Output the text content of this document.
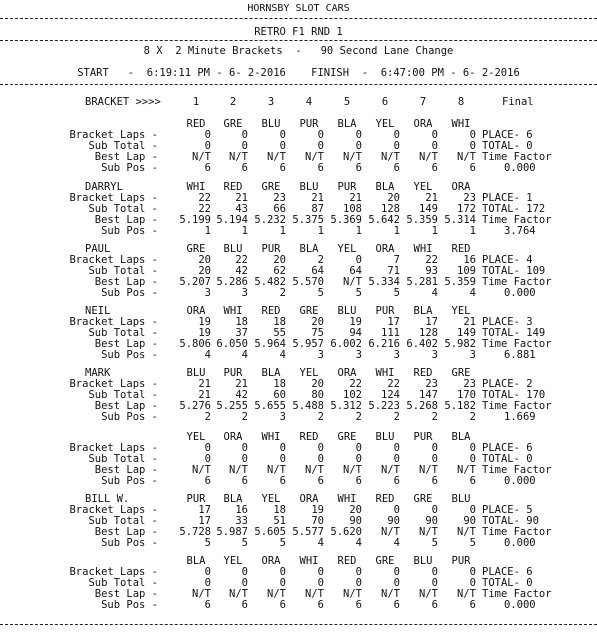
HORNSBY SLOT CARS
RETRO F1 RND 1
8 X  2 Minute Brackets  -   90 Second Lane Change
START   -  6:19:11 PM - 6- 2-2016 FINISH  -  6:47:00 PM - 6- 2-2016
BRACKET >>>>	1	2	3	4	5	6	7	8	Final
RED	GRE	BLU	PUR	BLA	YEL	ORA	WHI
Bracket Laps -	0	0	0	0	0	0	0	0 PLACE- 6
Sub Total -	0	0	0	0	0	0	0	0 TOTAL- 0
Best Lap -	N/T	N/T	N/T	N/T	N/T	N/T	N/T	N/T Time Factor
Sub Pos -	6	6	6	6	6	6	6	6	0.000
DARRYL	WHI	RED	GRE	BLU	PUR	BLA	YEL	ORA
Bracket Laps -	22	21	23	21	21	20	21	23 PLACE- 1
Sub Total -	22	43	66	87	108	128	149	172 TOTAL- 172
Best Lap -	5.199 5.194 5.232 5.375 5.369 5.642 5.359 5.314 Time Factor
Sub Pos -	1	1	1	1	1	1	1	1	3.764
PAUL	GRE	BLU	PUR	BLA	YEL	ORA	WHI	RED
Bracket Laps -	20	22	20	2	0	7	22	16 PLACE- 4
Sub Total -	20	42	62	64	64	71	93	109 TOTAL- 109
Best Lap -	5.207 5.286 5.482 5.570	N/T 5.334 5.281 5.359 Time Factor
Sub Pos -	3	3	2	5	5	5	4	4	0.000
NEIL	ORA	WHI	RED	GRE	BLU	PUR	BLA	YEL
Bracket Laps -	19	18	18	20	19	17	17	21 PLACE- 3
Sub Total -	19	37	55	75	94	111	128	149 TOTAL- 149
Best Lap -	5.806 6.050 5.964 5.957 6.002 6.216 6.402 5.982 Time Factor
Sub Pos -	4	4	4	3	3	3	3	3	6.881
MARK	BLU	PUR	BLA	YEL	ORA	WHI	RED	GRE
Bracket Laps -	21	21	18	20	22	22	23	23 PLACE- 2
Sub Total -	21	42	60	80	102	124	147	170 TOTAL- 170
Best Lap -	5.276 5.255 5.655 5.488 5.312 5.223 5.268 5.182 Time Factor
Sub Pos -	2	2	3	2	2	2	2	2	1.669
YEL	ORA	WHI	RED	GRE	BLU	PUR	BLA
Bracket Laps -	0	0	0	0	0	0	0	0 PLACE- 6
Sub Total -	0	0	0	0	0	0	0	0 TOTAL- 0
Best Lap -	N/T	N/T	N/T	N/T	N/T	N/T	N/T	N/T Time Factor
Sub Pos -	6	6	6	6	6	6	6	6	0.000
BILL W.	PUR	BLA	YEL	ORA	WHI	RED	GRE	BLU
Bracket Laps -	17	16	18	19	20	0	0	0 PLACE- 5
Sub Total -	17	33	51	70	90	90	90	90 TOTAL- 90
Best Lap -	5.728 5.987 5.605 5.577 5.620	N/T	N/T	N/T Time Factor
Sub Pos -	5	5	5	4	4	4	5	5	0.000
BLA	YEL	ORA	WHI	RED	GRE	BLU	PUR
Bracket Laps -	0	0	0	0	0	0	0	0 PLACE- 6
Sub Total -	0	0	0	0	0	0	0	0 TOTAL- 0
Best Lap -	N/T	N/T	N/T	N/T	N/T	N/T	N/T	N/T Time Factor
Sub Pos -	6	6	6	6	6	6	6	6	0.000
